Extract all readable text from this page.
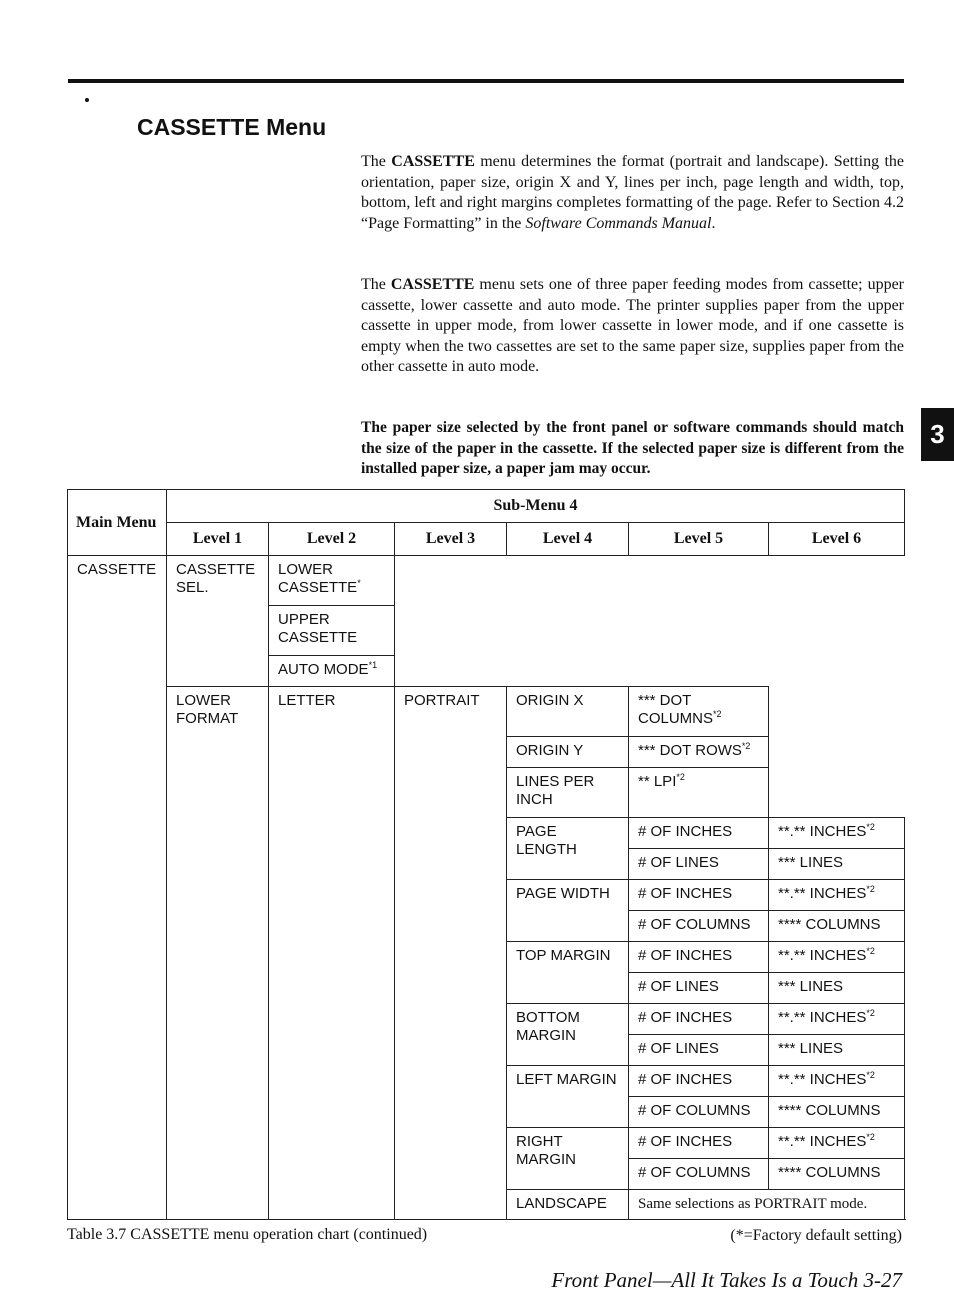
CASSETTE Menu

The CASSETTE menu determines the format (portrait and landscape). Setting the orientation, paper size, origin X and Y, lines per inch, page length and width, top, bottom, left and right margins completes formatting of the page. Refer to Section 4.2 “Page Formatting” in the Software Commands Manual.

The CASSETTE menu sets one of three paper feeding modes from cassette; upper cassette, lower cassette and auto mode. The printer supplies paper from the upper cassette in upper mode, from lower cassette in lower mode, and if one cassette is empty when the two cassettes are set to the same paper size, supplies paper from the other cassette in auto mode.

The paper size selected by the front panel or software commands should match the size of the paper in the cassette. If the selected paper size is different from the installed paper size, a paper jam may occur.

3
Main Menu	Sub-Menu 4					
	Level 1	Level 2	Level 3	Level 4	Level 5	Level 6
CASSETTE	CASSETTE SEL.	LOWER CASSETTE*	
		UPPER CASSETTE				
		AUTO MODE$^{*1}$
	LOWER FORMAT	LETTER	PORTRAIT	ORIGIN X	*** DOT COLUMNS$^{*2}$	
				ORIGIN Y	*** DOT ROWS$^{*2}$
				LINES PER INCH	** LPI$^{*2}$
				PAGE LENGTH	# OF INCHES	**.** INCHES$^{*2}$
					# OF LINES	*** LINES
				PAGE WIDTH	# OF INCHES	**.** INCHES$^{*2}$
					# OF COLUMNS	**** COLUMNS
				TOP MARGIN	# OF INCHES	**.** INCHES$^{*2}$
					# OF LINES	*** LINES
				BOTTOM MARGIN	# OF INCHES	**.** INCHES$^{*2}$
					# OF LINES	*** LINES
				LEFT MARGIN	# OF INCHES	**.** INCHES$^{*2}$
					# OF COLUMNS	**** COLUMNS
				RIGHT MARGIN	# OF INCHES	**.** INCHES$^{*2}$
					# OF COLUMNS	**** COLUMNS
				LANDSCAPE	Same selections as PORTRAIT mode.	

Table 3.7 CASSETTE menu operation chart (continued)	(*=Factory default setting)

Front Panel—All It Takes Is a Touch 3-27
